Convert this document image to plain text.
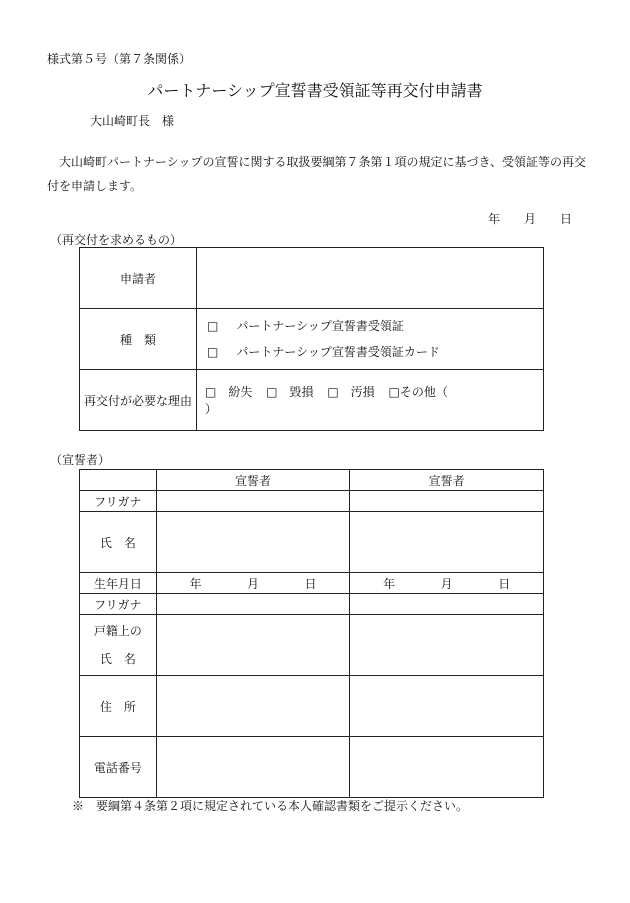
様式第５号（第７条関係）
パートナーシップ宣誓書受領証等再交付申請書
大山崎町長　様
大山崎町パートナーシップの宣誓に関する取扱要綱第７条第１項の規定に基づき、受領証等の再交付を申請します。
年 月 日
（再交付を求めるもの）
申請者	
種　類	□　 パートナーシップ宣誓書受領証
□　 パートナーシップ宣誓書受領証カード

再交付が必要な理由	□　紛失 □　毀損 □　汚損 □その他（）
（宣誓者）
	宣誓者	宣誓者
フリガナ		
氏　名		
生年月日	年 月 日	年 月 日

フリガナ		
戸籍上の
氏　名		
住　所		
電話番号		
※　要綱第４条第２項に規定されている本人確認書類をご提示ください。
